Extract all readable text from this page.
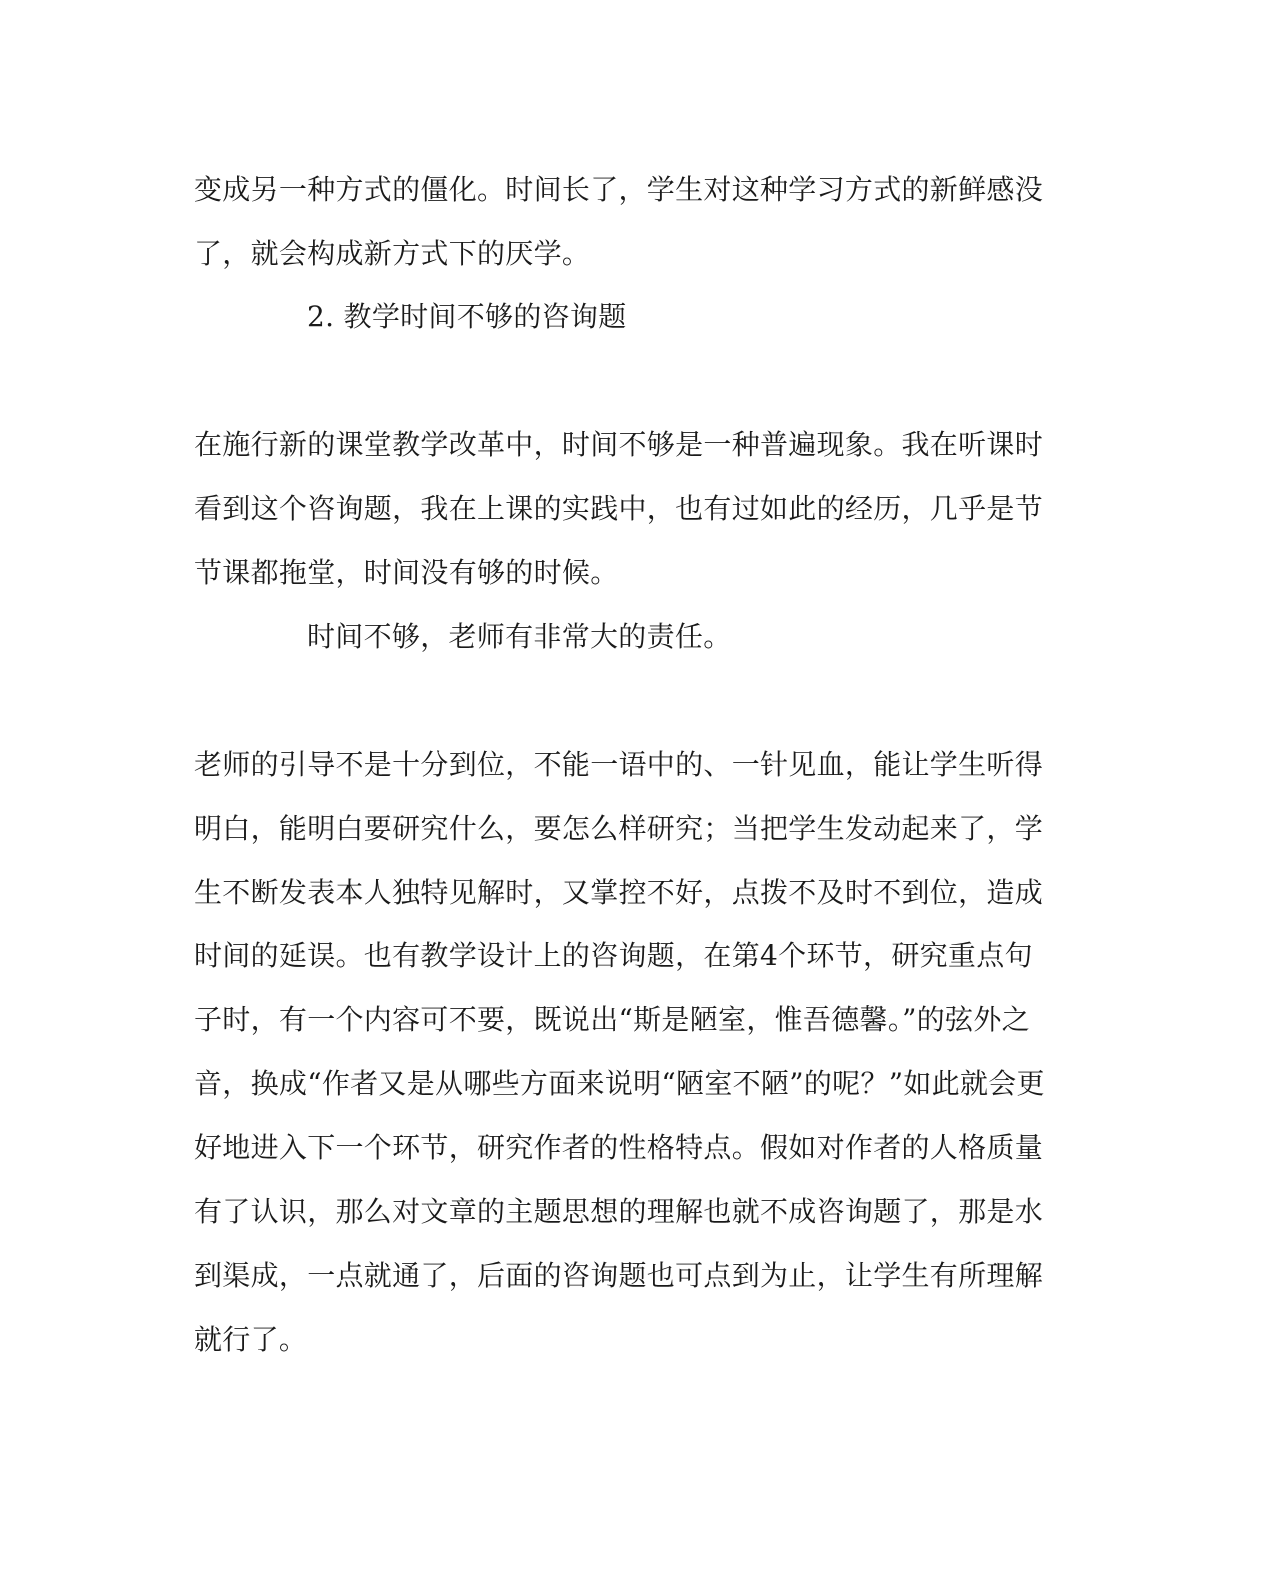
变成另一种方式的僵化。时间长了，学生对这种学习方式的新鲜感没
了，就会构成新方式下的厌学。
2. 教学时间不够的咨询题
在施行新的课堂教学改革中，时间不够是一种普遍现象。我在听课时
看到这个咨询题，我在上课的实践中，也有过如此的经历，几乎是节
节课都拖堂，时间没有够的时候。
时间不够，老师有非常大的责任。
老师的引导不是十分到位，不能一语中的、一针见血，能让学生听得
明白，能明白要研究什么，要怎么样研究；当把学生发动起来了，学
生不断发表本人独特见解时，又掌控不好，点拨不及时不到位，造成
时间的延误。也有教学设计上的咨询题，在第4个环节，研究重点句
子时，有一个内容可不要，既说出“斯是陋室，惟吾德馨。”的弦外之
音，换成“作者又是从哪些方面来说明“陋室不陋”的呢？”如此就会更
好地进入下一个环节，研究作者的性格特点。假如对作者的人格质量
有了认识，那么对文章的主题思想的理解也就不成咨询题了，那是水
到渠成，一点就通了，后面的咨询题也可点到为止，让学生有所理解
就行了。
